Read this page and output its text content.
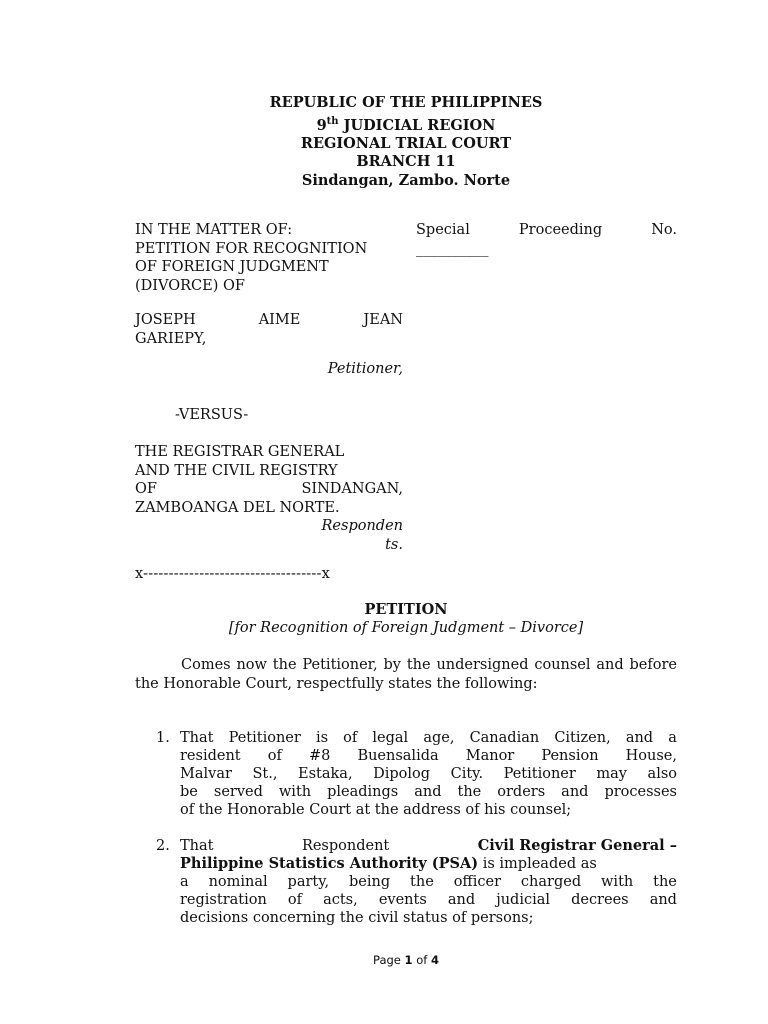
REPUBLIC OF THE PHILIPPINES
9th JUDICIAL REGION
REGIONAL TRIAL COURT
BRANCH 11
Sindangan, Zambo. Norte
IN THE MATTER OF:
PETITION FOR RECOGNITION
OF FOREIGN JUDGMENT
(DIVORCE) OF
JOSEPH	AIME	JEAN
GARIEPY,
Special	Proceeding	No.
__________
Petitioner,
-VERSUS-
THE REGISTRAR GENERAL
AND THE CIVIL REGISTRY
OF	SINDANGAN,
ZAMBOANGA DEL NORTE.
Responden
ts.
x-----------------------------------x
PETITION
[for Recognition of Foreign Judgment – Divorce]
Comes now the Petitioner, by the undersigned counsel and before the Honorable Court, respectfully states the following:
1. That Petitioner is of legal age, Canadian Citizen, and a
resident of #8 Buensalida Manor Pension House,
Malvar St., Estaka, Dipolog City. Petitioner may also
be served with pleadings and the orders and processes
of the Honorable Court at the address of his counsel;
2. That	Respondent	Civil Registrar General –
Philippine Statistics Authority (PSA) is impleaded as
a nominal party, being the officer charged with the
registration of acts, events and judicial decrees and
decisions concerning the civil status of persons;
Page 1 of 4
